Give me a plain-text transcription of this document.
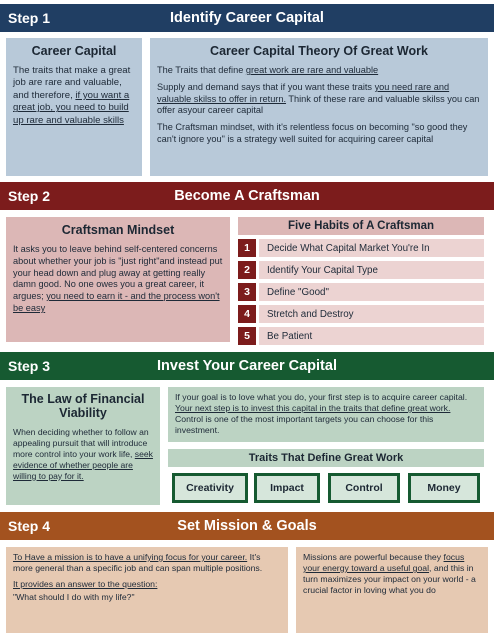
Step 1	Identify Career Capital
Career Capital

The traits that make a great job are rare and valuable, and therefore, if you want a great job, you need to build up rare and valuable skills

Career Capital Theory Of Great Work

The Traits that define great work are rare and valuable

Supply and demand says that if you want these traits you need rare and valuable skilss to offer in return. Think of these rare and valuable skilss you can offer asyour career capital

The Craftsman mindset, with it's relentless focus on becoming "so good they can't ignore you" is a strategy well suited for acquiring career capital

Step 2	Become A Craftsman
Craftsman Mindset

It asks you to leave behind self-centered concerns about whether your job is "just right"and instead put your head down and plug away at getting really damn good. No one owes you a great career, it argues; you need to earn it - and the process won't be easy

Five Habits of A Craftsman
1	Decide What Capital Market You're In
2	Identify Your Capital Type
3	Define "Good"
4	Stretch and Destroy
5	Be Patient
Step 3	Invest Your Career Capital
The Law of Financial Viability

When deciding whether to follow an appealing pursuit that will introduce more control into your work life, seek evidence of whether people are willing to pay for it.

If your goal is to love what you do, your first step is to acquire career capital. Your next step is to invest this capital in the traits that define great work. Control is one of the most important targets you can choose for this investment.

Traits That Define Great Work
Creativity	Impact	Control	Money
Step 4	Set Mission & Goals

To Have a mission is to have a unifying focus for your career. It's more general than a specific job and can span multiple positions.

It provides an answer to the question:

"What should I do with my life?"

Missions are powerful because they focus your energy toward a useful goal, and this in turn maximizes your impact on your world - a crucial factor in loving what you do
